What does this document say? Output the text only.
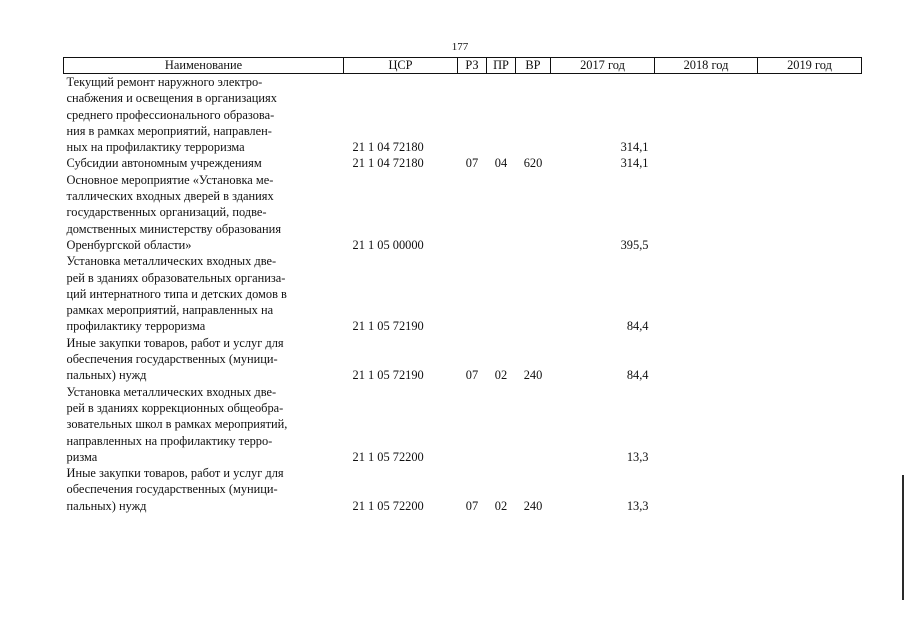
177
Наименование	ЦСР	РЗ	ПР	ВР	2017 год	2018 год	2019 год
Текущий ремонт наружного электро-
снабжения и освещения в организациях
среднего профессионального образова-
ния в рамках мероприятий, направлен-
ных на профилактику терроризма	21 1 04 72180				314,1		
Субсидии автономным учреждениям	21 1 04 72180	07	04	620	314,1		
Основное мероприятие «Установка ме-
таллических входных дверей в зданиях
государственных организаций, подве-
домственных министерству образования
Оренбургской области»	21 1 05 00000				395,5		
Установка металлических входных две-
рей в зданиях образовательных организа-
ций интернатного типа и детских домов в
рамках мероприятий, направленных на
профилактику терроризма	21 1 05 72190				84,4		
Иные закупки товаров, работ и услуг для
обеспечения государственных (муници-
пальных) нужд	21 1 05 72190	07	02	240	84,4		
Установка металлических входных две-
рей в зданиях коррекционных общеобра-
зовательных школ в рамках мероприятий,
направленных на профилактику терро-
ризма	21 1 05 72200				13,3		
Иные закупки товаров, работ и услуг для
обеспечения государственных (муници-
пальных) нужд	21 1 05 72200	07	02	240	13,3		
